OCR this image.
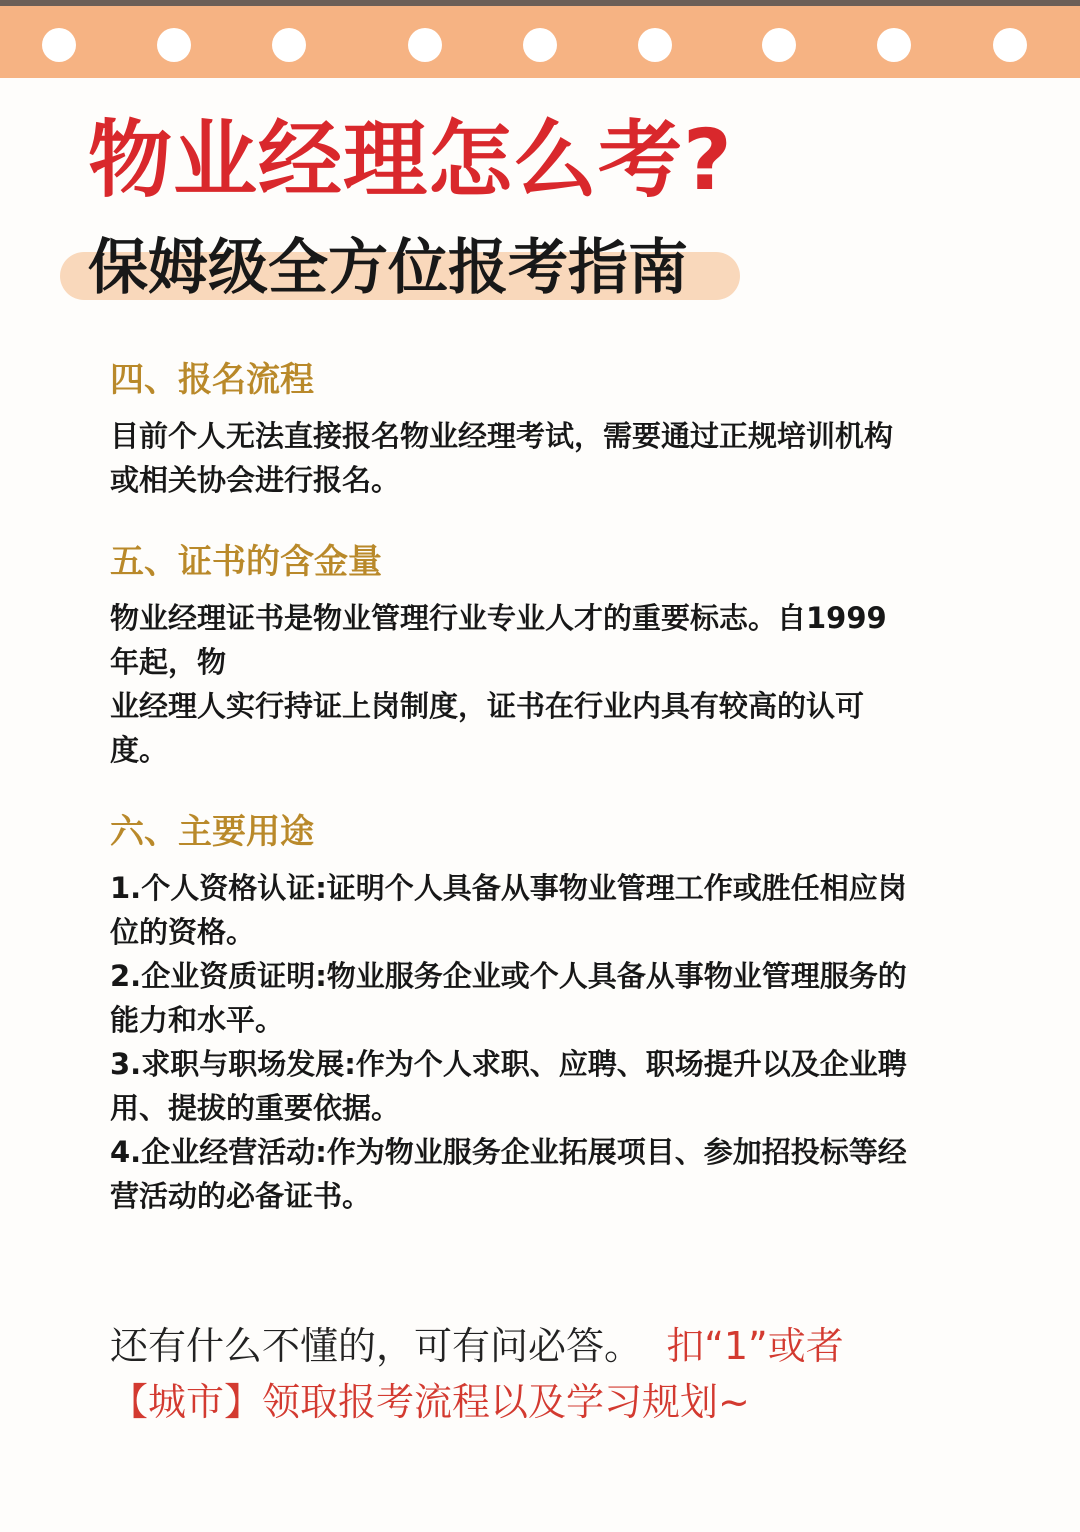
物业经理怎么考?
保姆级全方位报考指南
四、报名流程

目前个人无法直接报名物业经理考试，需要通过正规培训机构
或相关协会进行报名。

五、证书的含金量

物业经理证书是物业管理行业专业人才的重要标志。自1999
年起，物
业经理人实行持证上岗制度，证书在行业内具有较高的认可
度。

六、主要用途

1.个人资格认证:证明个人具备从事物业管理工作或胜任相应岗
位的资格。
2.企业资质证明:物业服务企业或个人具备从事物业管理服务的
能力和水平。
3.求职与职场发展:作为个人求职、应聘、职场提升以及企业聘
用、提拔的重要依据。
4.企业经营活动:作为物业服务企业拓展项目、参加招投标等经
营活动的必备证书。

还有什么不懂的，可有问必答。 扣“1”或者
【城市】领取报考流程以及学习规划~
